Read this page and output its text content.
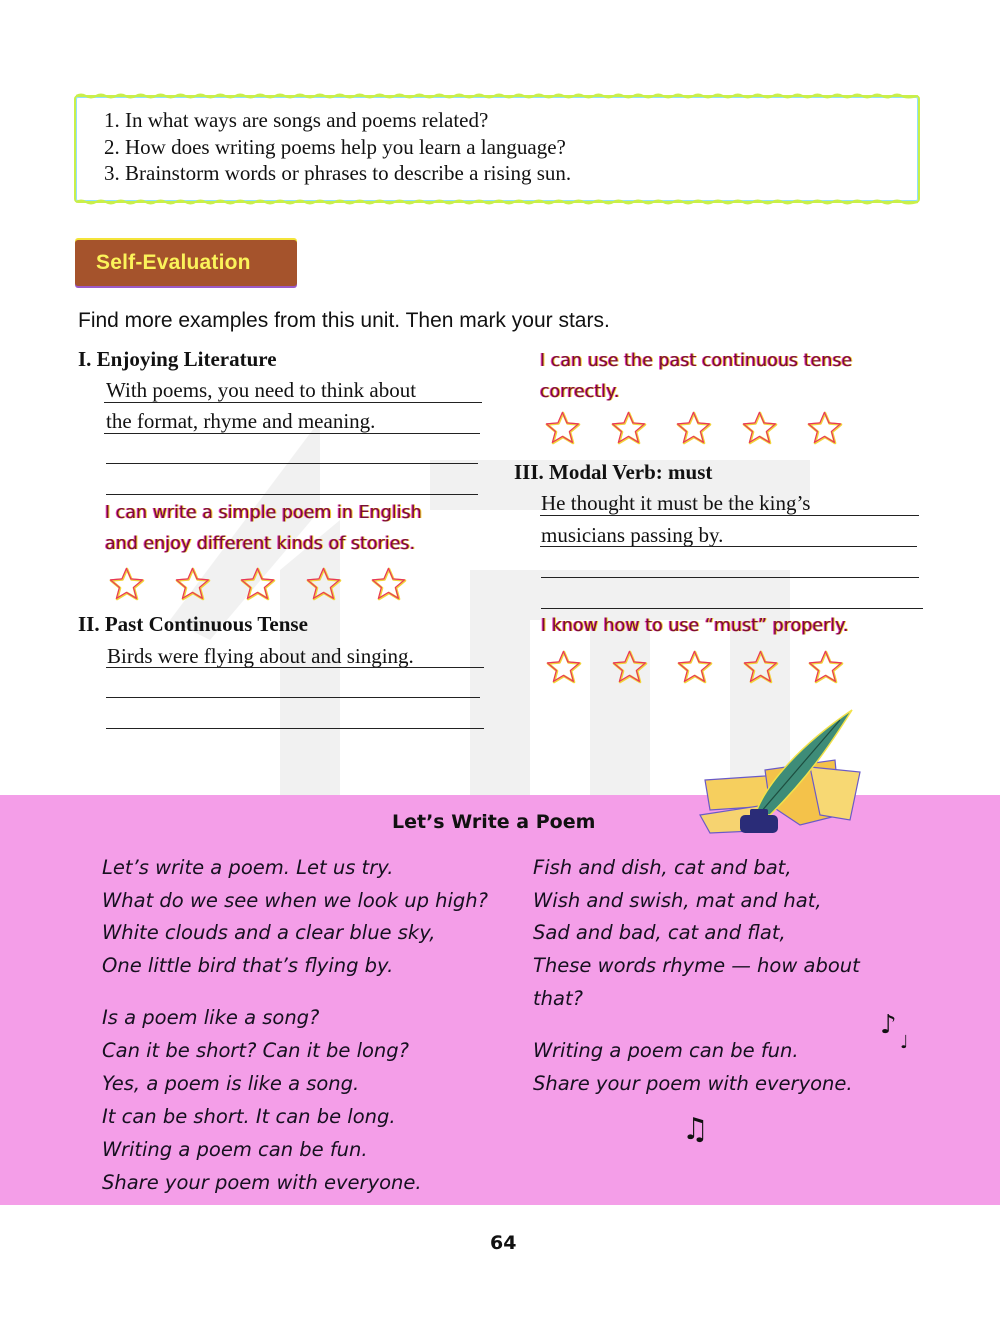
1. In what ways are songs and poems related?
2. How does writing poems help you learn a language?
3. Brainstorm words or phrases to describe a rising sun.
Self-Evaluation
Find more examples from this unit. Then mark your stars.
I. Enjoying Literature
With poems, you need to think about
the format, rhyme and meaning.
I can write a simple poem in English
and enjoy different kinds of stories.
II. Past Continuous Tense
Birds were flying about and singing.
I can use the past continuous tense
correctly.
III. Modal Verb: must
He thought it must be the king’s
musicians passing by.
I know how to use “must” properly.
Let’s Write a Poem
Let’s write a poem. Let us try.
What do we see when we look up high?
White clouds and a clear blue sky,
One little bird that’s flying by.
Is a poem like a song?
Can it be short? Can it be long?
Yes, a poem is like a song.
It can be short. It can be long.
Writing a poem can be fun.
Share your poem with everyone.
Fish and dish, cat and bat,
Wish and swish, mat and hat,
Sad and bad, cat and flat,
These words rhyme — how about
that?
Writing a poem can be fun.
Share your poem with everyone.
♪
♩
♫
64
